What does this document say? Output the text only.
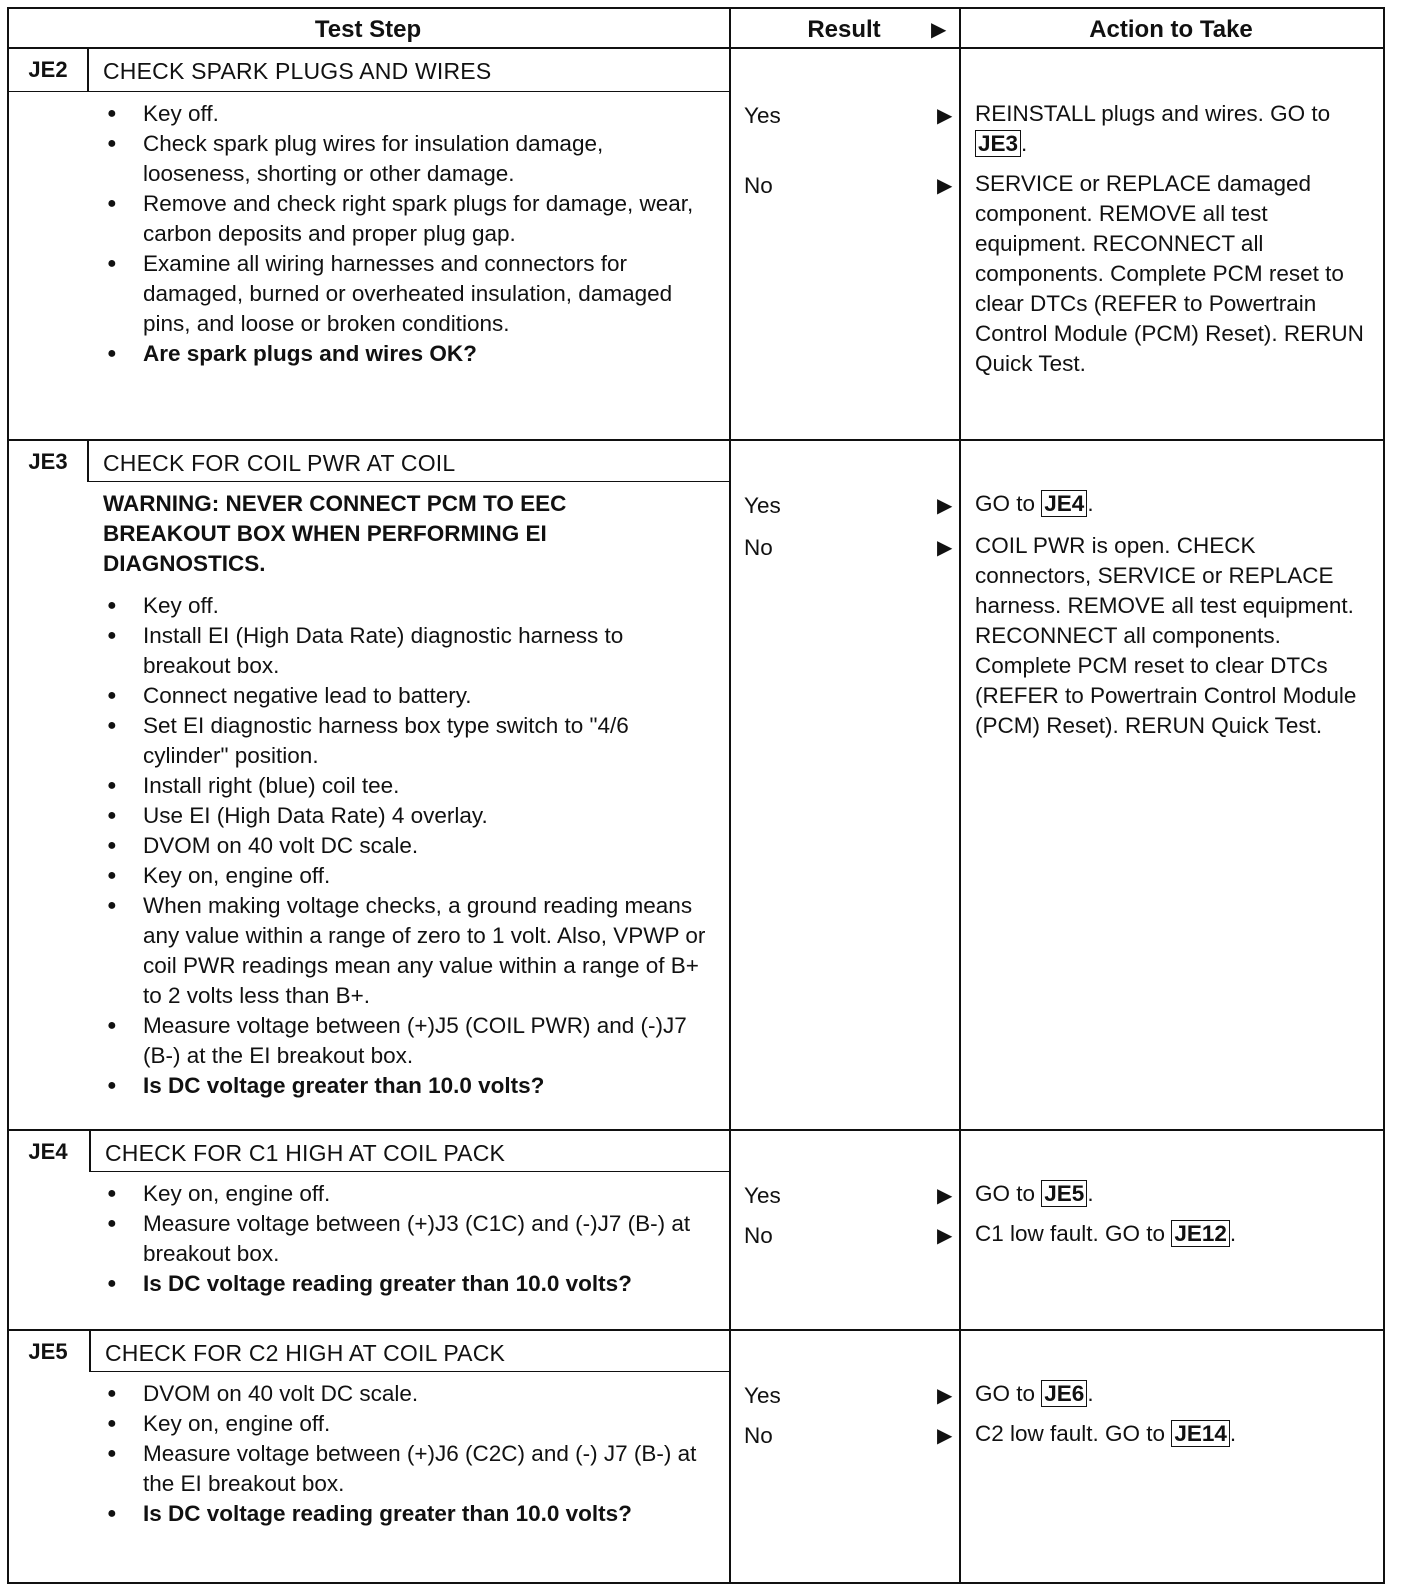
Test Step	Result	▶	Action to Take
JE2	CHECK SPARK PLUGS AND WIRES
● Key off.
● Check spark plug wires for insulation damage, looseness, shorting or other damage.
● Remove and check right spark plugs for damage, wear, carbon deposits and proper plug gap.
● Examine all wiring harnesses and connectors for damaged, burned or overheated insulation, damaged pins, and loose or broken conditions.
● Are spark plugs and wires OK?
Yes	▶ REINSTALL plugs and wires. GO to JE3 .
No	▶ SERVICE or REPLACE damaged component. REMOVE all test equipment. RECONNECT all components. Complete PCM reset to clear DTCs (REFER to Powertrain Control Module (PCM) Reset). RERUN Quick Test.
JE3	CHECK FOR COIL PWR AT COIL
WARNING: NEVER CONNECT PCM TO EEC BREAKOUT BOX WHEN PERFORMING EI DIAGNOSTICS.
● Key off.
● Install EI (High Data Rate) diagnostic harness to breakout box.
● Connect negative lead to battery.
● Set EI diagnostic harness box type switch to "4/6 cylinder" position.
● Install right (blue) coil tee.
● Use EI (High Data Rate) 4 overlay.
● DVOM on 40 volt DC scale.
● Key on, engine off.
● When making voltage checks, a ground reading means any value within a range of zero to 1 volt. Also, VPWP or coil PWR readings mean any value within a range of B+ to 2 volts less than B+.
● Measure voltage between (+)J5 (COIL PWR) and (-)J7 (B-) at the EI breakout box.
● Is DC voltage greater than 10.0 volts?
Yes	▶ GO to JE4 .
No	▶ COIL PWR is open. CHECK connectors, SERVICE or REPLACE harness. REMOVE all test equipment. RECONNECT all components. Complete PCM reset to clear DTCs (REFER to Powertrain Control Module (PCM) Reset). RERUN Quick Test.
JE4	CHECK FOR C1 HIGH AT COIL PACK
● Key on, engine off.
● Measure voltage between (+)J3 (C1C) and (-)J7 (B-) at breakout box.
● Is DC voltage reading greater than 10.0 volts?
Yes	▶ GO to JE5 .
No	▶ C1 low fault. GO to JE12 .
JE5	CHECK FOR C2 HIGH AT COIL PACK
● DVOM on 40 volt DC scale.
● Key on, engine off.
● Measure voltage between (+)J6 (C2C) and (-) J7 (B-) at the EI breakout box.
● Is DC voltage reading greater than 10.0 volts?
Yes	▶ GO to JE6 .
No	▶ C2 low fault. GO to JE14 .
